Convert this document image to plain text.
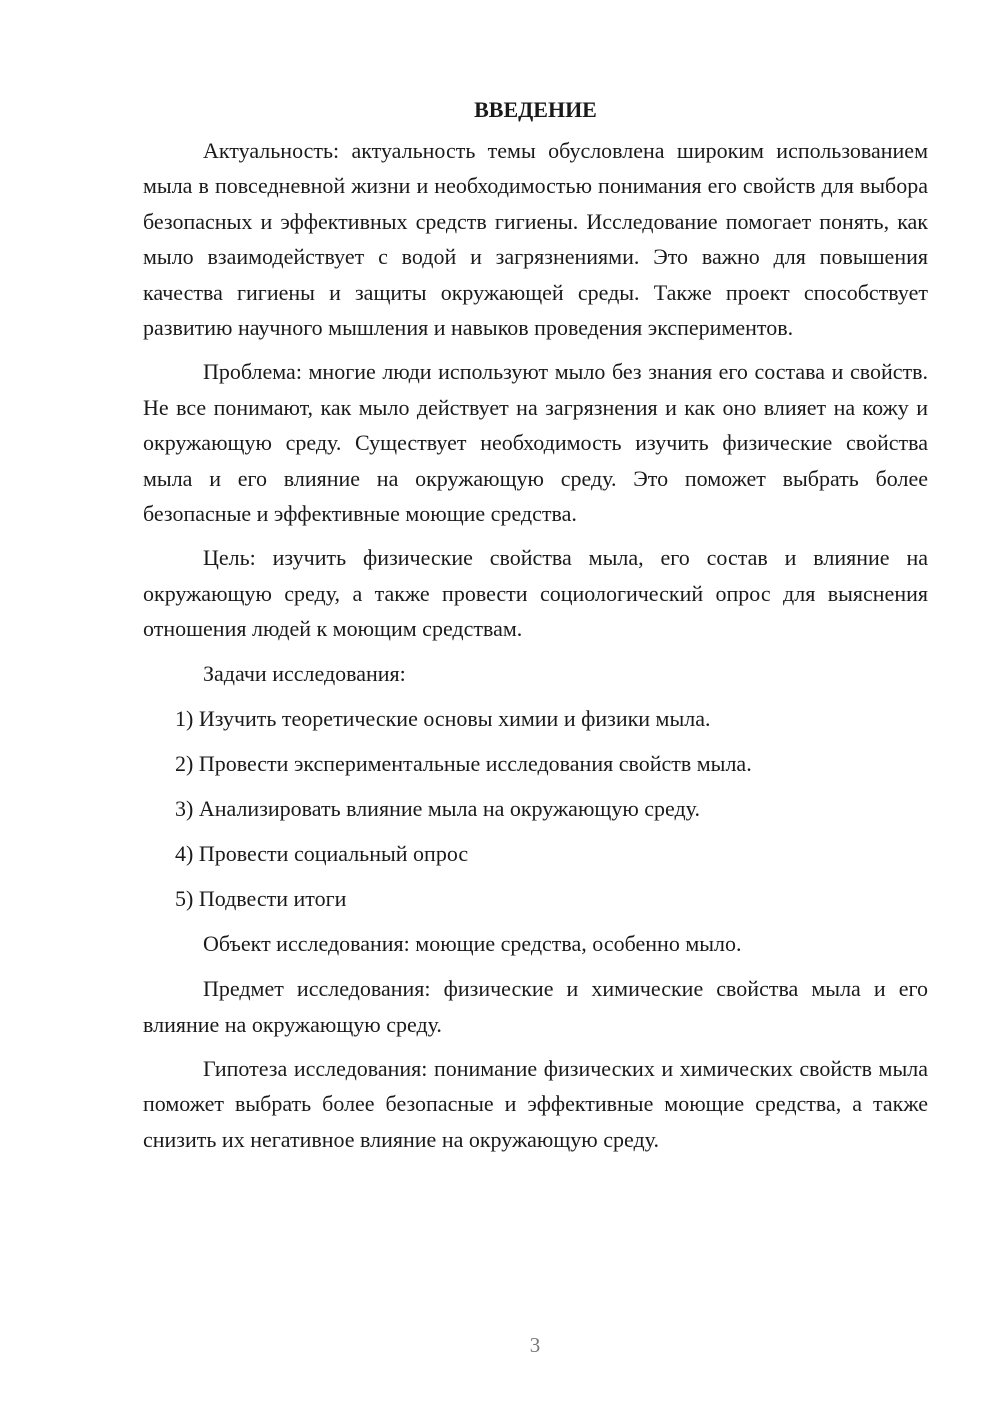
ВВЕДЕНИЕ

Актуальность: актуальность темы обусловлена широким использованием мыла в повседневной жизни и необходимостью понимания его свойств для выбора безопасных и эффективных средств гигиены. Исследование помогает понять, как мыло взаимодействует с водой и загрязнениями. Это важно для повышения качества гигиены и защиты окружающей среды. Также проект способствует развитию научного мышления и навыков проведения экспериментов.

Проблема: многие люди используют мыло без знания его состава и свойств. Не все понимают, как мыло действует на загрязнения и как оно влияет на кожу и окружающую среду. Существует необходимость изучить физические свойства мыла и его влияние на окружающую среду. Это поможет выбрать более безопасные и эффективные моющие средства.

Цель: изучить физические свойства мыла, его состав и влияние на окружающую среду, а также провести социологический опрос для выяснения отношения людей к моющим средствам.

Задачи исследования:

1) Изучить теоретические основы химии и физики мыла.
2) Провести экспериментальные исследования свойств мыла.
3) Анализировать влияние мыла на окружающую среду.
4) Провести социальный опрос
5) Подвести итоги

Объект исследования: моющие средства, особенно мыло.

Предмет исследования: физические и химические свойства мыла и его влияние на окружающую среду.

Гипотеза исследования: понимание физических и химических свойств мыла поможет выбрать более безопасные и эффективные моющие средства, а также снизить их негативное влияние на окружающую среду.

3
